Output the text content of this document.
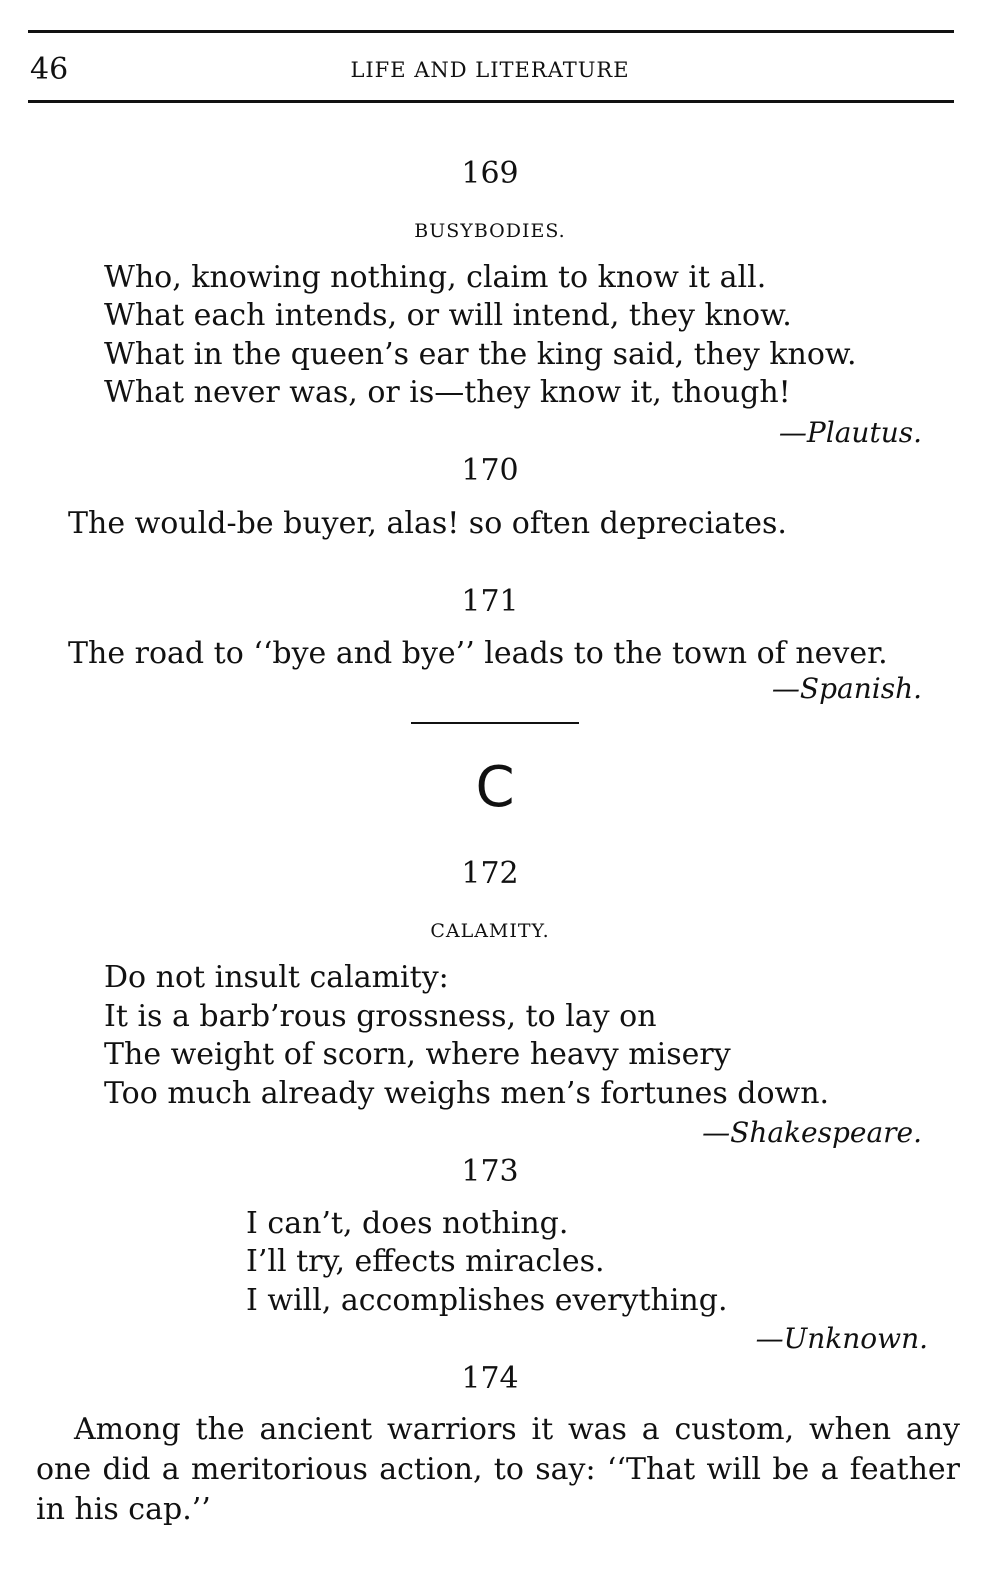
46	LIFE AND LITERATURE
169
BUSYBODIES.
Who, knowing nothing, claim to know it all.
What each intends, or will intend, they know.
What in the queen’s ear the king said, they know.
What never was, or is—they know it, though!
—Plautus.
170
The would-be buyer, alas! so often depreciates.
171
The road to ‘‘bye and bye’’ leads to the town of never.
—Spanish.
C
172
CALAMITY.
Do not insult calamity:
It is a barb’rous grossness, to lay on
The weight of scorn, where heavy misery
Too much already weighs men’s fortunes down.
—Shakespeare.
173
I can’t, does nothing.
I’ll try, effects miracles.
I will, accomplishes everything.
—Unknown.
174
Among the ancient warriors it was a custom, when any one did a meritorious action, to say: ‘‘That will be a feather in his cap.’’
